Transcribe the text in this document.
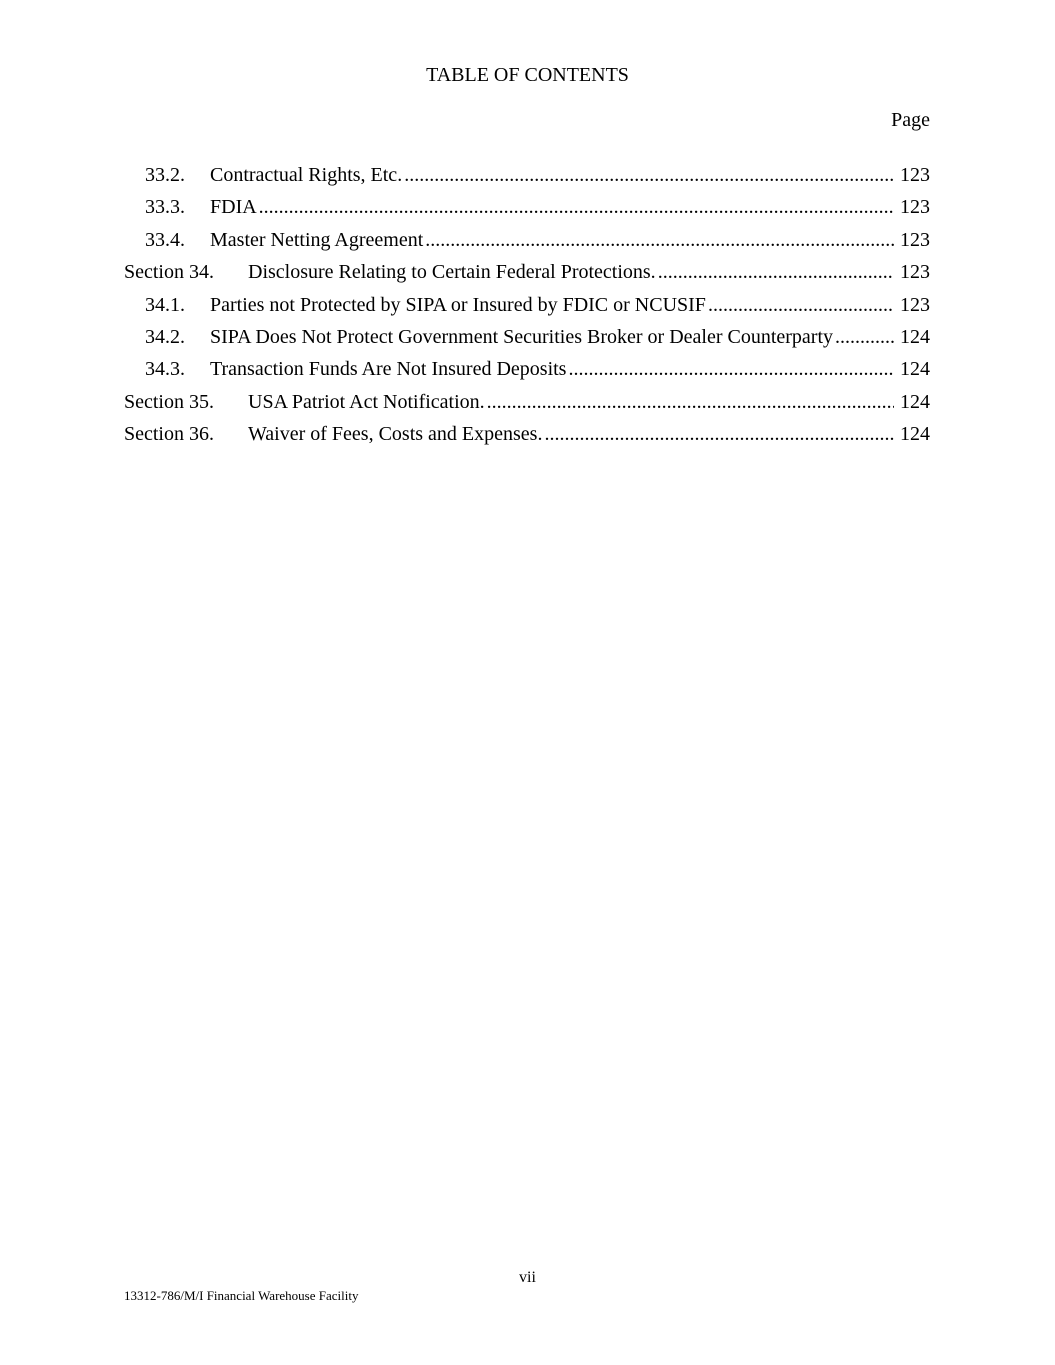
TABLE OF CONTENTS
Page
33.2.	Contractual Rights, Etc. .....	123
33.3.	FDIA .....	123
33.4.	Master Netting Agreement .....	123
Section 34.	Disclosure Relating to Certain Federal Protections. .....	123
34.1.	Parties not Protected by SIPA or Insured by FDIC or NCUSIF .....	123
34.2.	SIPA Does Not Protect Government Securities Broker or Dealer Counterparty .....	124
34.3.	Transaction Funds Are Not Insured Deposits .....	124
Section 35.	USA Patriot Act Notification. .....	124
Section 36.	Waiver of Fees, Costs and Expenses. .....	124
vii
13312-786/M/I Financial Warehouse Facility
